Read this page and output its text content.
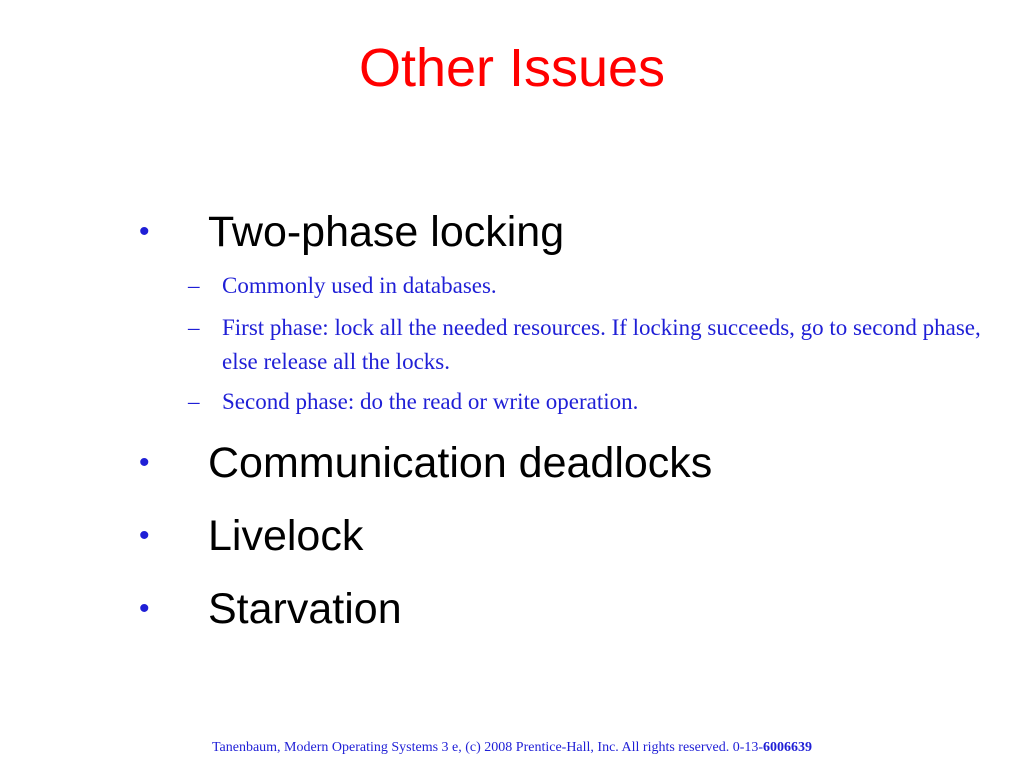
Other Issues
• Two-phase locking
– Commonly used in databases.
– First phase: lock all the needed resources. If locking succeeds, go to second phase, else release all the locks.
– Second phase: do the read or write operation.
• Communication deadlocks
• Livelock
• Starvation
Tanenbaum, Modern Operating Systems 3 e, (c) 2008 Prentice-Hall, Inc. All rights reserved. 0-13-6006639
